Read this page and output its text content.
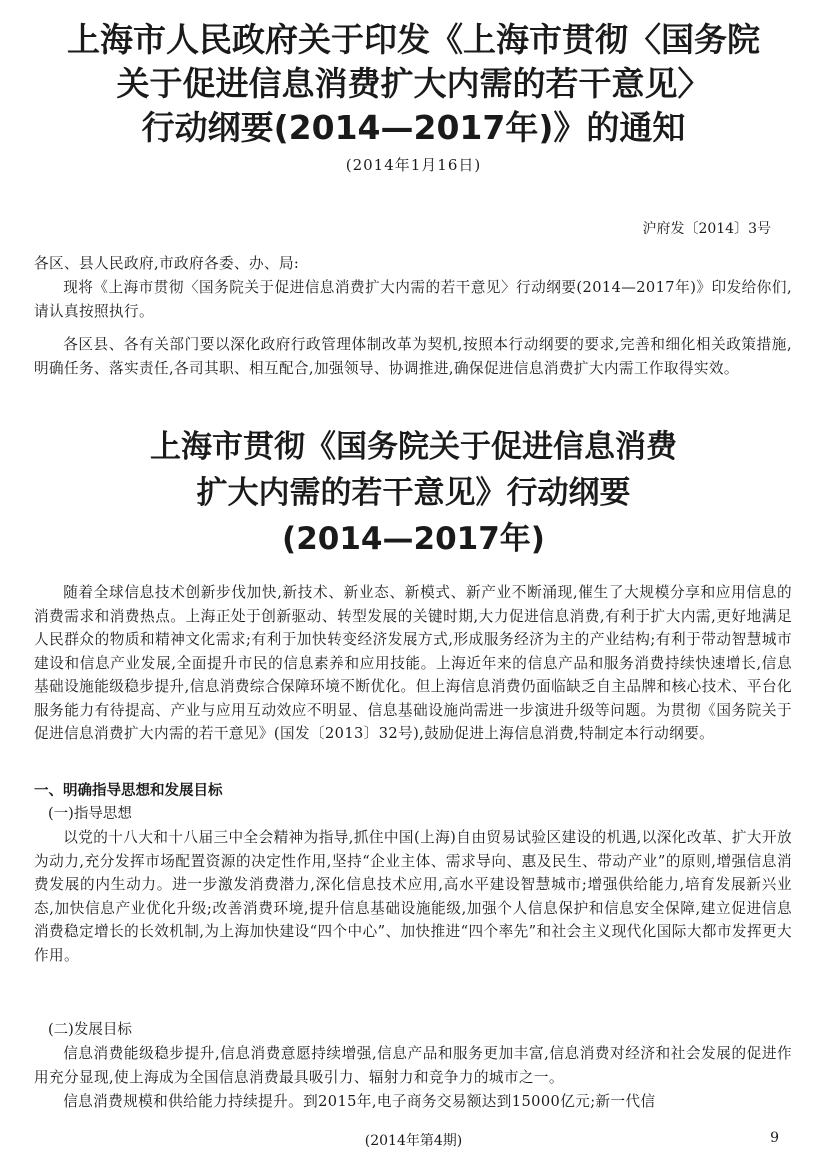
上海市人民政府关于印发《上海市贯彻〈国务院
关于促进信息消费扩大内需的若干意见〉
行动纲要(2014—2017年)》的通知
(2014年1月16日)
沪府发〔2014〕3号
各区、县人民政府,市政府各委、办、局:
现将《上海市贯彻〈国务院关于促进信息消费扩大内需的若干意见〉行动纲要(2014—2017年)》印发给你们,请认真按照执行。
各区县、各有关部门要以深化政府行政管理体制改革为契机,按照本行动纲要的要求,完善和细化相关政策措施,明确任务、落实责任,各司其职、相互配合,加强领导、协调推进,确保促进信息消费扩大内需工作取得实效。
上海市贯彻《国务院关于促进信息消费
扩大内需的若干意见》行动纲要
(2014—2017年)
随着全球信息技术创新步伐加快,新技术、新业态、新模式、新产业不断涌现,催生了大规模分享和应用信息的消费需求和消费热点。上海正处于创新驱动、转型发展的关键时期,大力促进信息消费,有利于扩大内需,更好地满足人民群众的物质和精神文化需求;有利于加快转变经济发展方式,形成服务经济为主的产业结构;有利于带动智慧城市建设和信息产业发展,全面提升市民的信息素养和应用技能。上海近年来的信息产品和服务消费持续快速增长,信息基础设施能级稳步提升,信息消费综合保障环境不断优化。但上海信息消费仍面临缺乏自主品牌和核心技术、平台化服务能力有待提高、产业与应用互动效应不明显、信息基础设施尚需进一步演进升级等问题。为贯彻《国务院关于促进信息消费扩大内需的若干意见》(国发〔2013〕32号),鼓励促进上海信息消费,特制定本行动纲要。
一、明确指导思想和发展目标
(一)指导思想
以党的十八大和十八届三中全会精神为指导,抓住中国(上海)自由贸易试验区建设的机遇,以深化改革、扩大开放为动力,充分发挥市场配置资源的决定性作用,坚持“企业主体、需求导向、惠及民生、带动产业”的原则,增强信息消费发展的内生动力。进一步激发消费潜力,深化信息技术应用,高水平建设智慧城市;增强供给能力,培育发展新兴业态,加快信息产业优化升级;改善消费环境,提升信息基础设施能级,加强个人信息保护和信息安全保障,建立促进信息消费稳定增长的长效机制,为上海加快建设“四个中心”、加快推进“四个率先”和社会主义现代化国际大都市发挥更大作用。
(二)发展目标
信息消费能级稳步提升,信息消费意愿持续增强,信息产品和服务更加丰富,信息消费对经济和社会发展的促进作用充分显现,使上海成为全国信息消费最具吸引力、辐射力和竞争力的城市之一。
信息消费规模和供给能力持续提升。到2015年,电子商务交易额达到15000亿元;新一代信
(2014年第4期)	9
